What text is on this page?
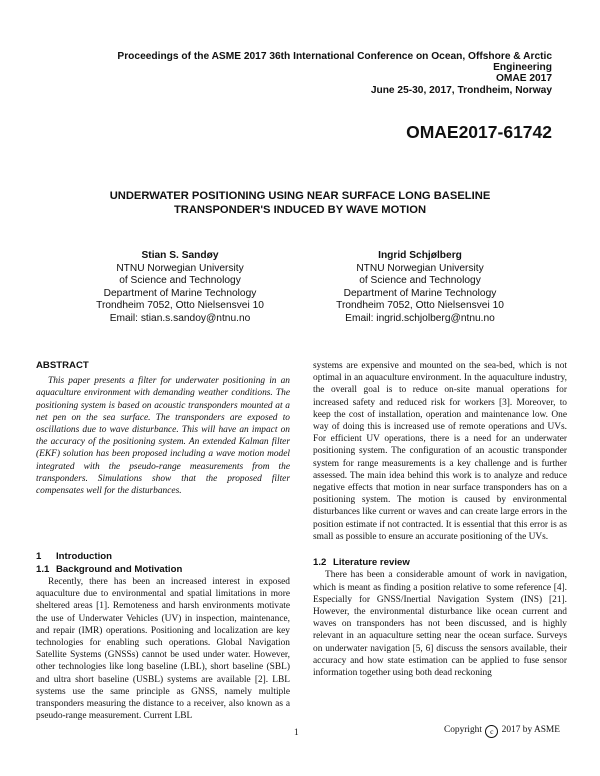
Proceedings of the ASME 2017 36th International Conference on Ocean, Offshore & Arctic
Engineering
OMAE 2017
June 25-30, 2017, Trondheim, Norway
OMAE2017-61742
UNDERWATER POSITIONING USING NEAR SURFACE LONG BASELINE
TRANSPONDER'S INDUCED BY WAVE MOTION
Stian S. Sandøy
NTNU Norwegian University
of Science and Technology
Department of Marine Technology
Trondheim 7052, Otto Nielsensvei 10
Email: stian.s.sandoy@ntnu.no
Ingrid Schjølberg
NTNU Norwegian University
of Science and Technology
Department of Marine Technology
Trondheim 7052, Otto Nielsensvei 10
Email: ingrid.schjolberg@ntnu.no
ABSTRACT

This paper presents a filter for underwater positioning in an aquaculture environment with demanding weather conditions. The positioning system is based on acoustic transponders mounted at a net pen on the sea surface. The transponders are exposed to oscillations due to wave disturbance. This will have an impact on the accuracy of the positioning system. An extended Kalman filter (EKF) solution has been proposed including a wave motion model integrated with the pseudo-range measurements from the transponders. Simulations show that the proposed filter compensates well for the disturbances.

1 Introduction
1.1 Background and Motivation

Recently, there has been an increased interest in exposed aquaculture due to environmental and spatial limitations in more sheltered areas [1]. Remoteness and harsh environments motivate the use of Underwater Vehicles (UV) in inspection, maintenance, and repair (IMR) operations. Positioning and localization are key technologies for enabling such operations. Global Navigation Satellite Systems (GNSSs) cannot be used under water. However, other technologies like long baseline (LBL), short baseline (SBL) and ultra short baseline (USBL) systems are available [2]. LBL systems use the same principle as GNSS, namely multiple transponders measuring the distance to a receiver, also known as a pseudo-range measurement. Current LBL

systems are expensive and mounted on the sea-bed, which is not optimal in an aquaculture environment. In the aquaculture industry, the overall goal is to reduce on-site manual operations for increased safety and reduced risk for workers [3]. Moreover, to keep the cost of installation, operation and maintenance low. One way of doing this is increased use of remote operations and UVs. For efficient UV operations, there is a need for an underwater positioning system. The configuration of an acoustic transponder system for range measurements is a key challenge and is further assessed. The main idea behind this work is to analyze and reduce negative effects that motion in near surface transponders has on a positioning system. The motion is caused by environmental disturbances like current or waves and can create large errors in the position estimate if not contracted. It is essential that this error is as small as possible to ensure an accurate positioning of the UVs.

1.2 Literature review

There has been a considerable amount of work in navigation, which is meant as finding a position relative to some reference [4]. Especially for GNSS/Inertial Navigation System (INS) [21]. However, the environmental disturbance like ocean current and waves on transponders has not been discussed, and is highly relevant in an aquaculture setting near the ocean surface. Surveys on underwater navigation [5, 6] discuss the sensors available, their accuracy and how state estimation can be applied to fuse sensor information together using both dead reckoning

1	Copyright c 2017 by ASME
